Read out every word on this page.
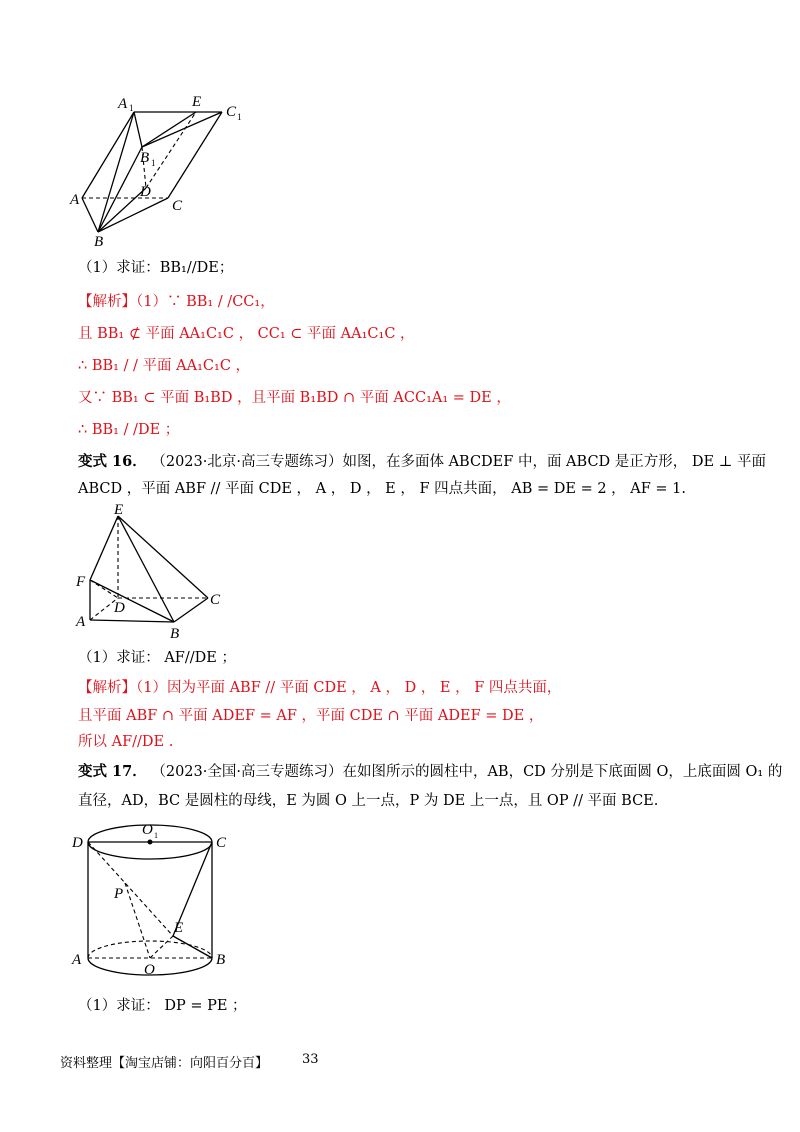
A 1	E
C 1
B 1
D
A	C
B
（1）求证：BB₁//DE；
【解析】（1）∵ BB₁ / /CC₁，
且 BB₁ ⊄ 平面 AA₁C₁C ， CC₁ ⊂ 平面 AA₁C₁C ，
∴ BB₁ / / 平面 AA₁C₁C ，
又∵ BB₁ ⊂ 平面 B₁BD ，且平面 B₁BD ∩ 平面 ACC₁A₁ = DE ，
∴ BB₁ / /DE ；
变式 16． （2023·北京·高三专题练习）如图，在多面体 ABCDEF 中，面 ABCD 是正方形， DE ⊥ 平面
ABCD ，平面 ABF // 平面 CDE ， A ， D ， E ， F 四点共面， AB = DE = 2 ， AF = 1.
E
F
D	C
A
B
（1）求证： AF//DE ；
【解析】（1）因为平面 ABF // 平面 CDE ， A ， D ， E ， F 四点共面，
且平面 ABF ∩ 平面 ADEF = AF ，平面 CDE ∩ 平面 ADEF = DE ，
所以 AF//DE .
变式 17． （2023·全国·高三专题练习）在如图所示的圆柱中，AB，CD 分别是下底面圆 O，上底面圆 O₁ 的
直径，AD，BC 是圆柱的母线，E 为圆 O 上一点，P 为 DE 上一点，且 OP // 平面 BCE.
O 1
D	C
P
E
A
O
B
（1）求证： DP = PE ；
资料整理【淘宝店铺：向阳百分百】	33
